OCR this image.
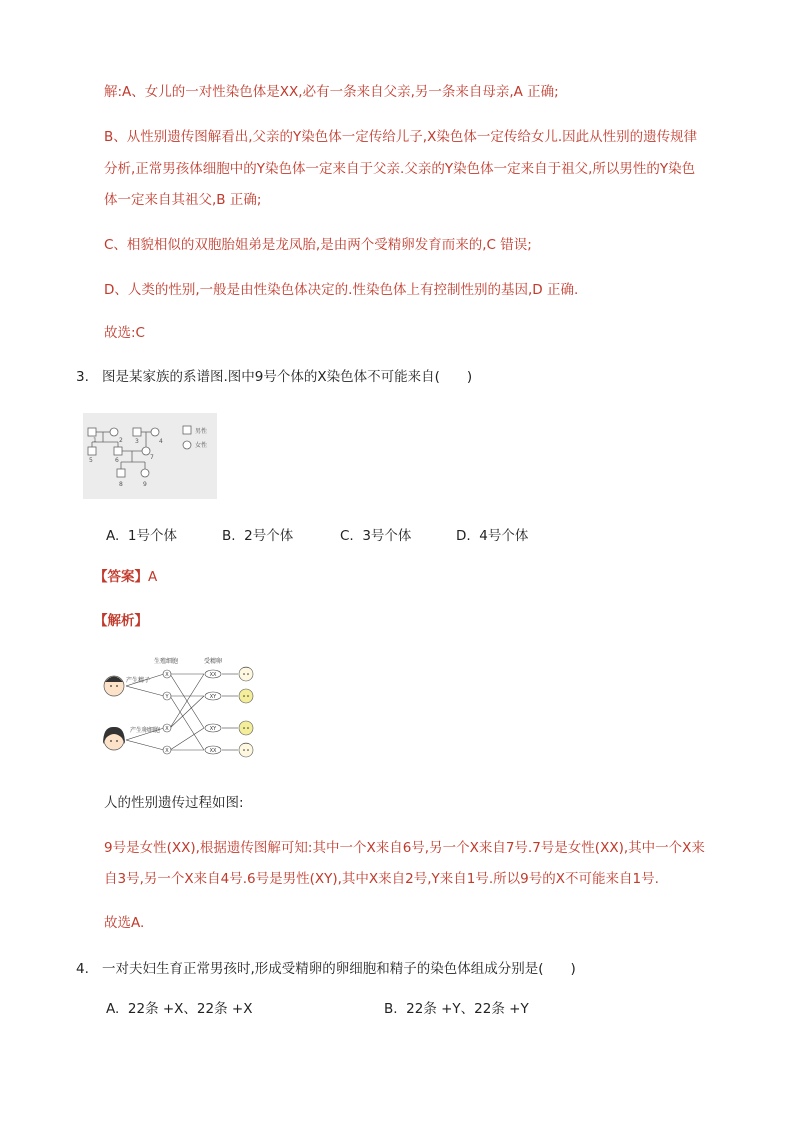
解:A、女儿的一对性染色体是XX,必有一条来自父亲,另一条来自母亲,A 正确;
B、从性别遗传图解看出,父亲的Y染色体一定传给儿子,X染色体一定传给女儿.因此从性别的遗传规律
分析,正常男孩体细胞中的Y染色体一定来自于父亲.父亲的Y染色体一定来自于祖父,所以男性的Y染色
体一定来自其祖父,B 正确;
C、相貌相似的双胞胎姐弟是龙凤胎,是由两个受精卵发育而来的,C 错误;
D、人类的性别,一般是由性染色体决定的.性染色体上有控制性别的基因,D 正确.
故选:C
3. 图是某家族的系谱图.图中9号个体的X染色体不可能来自(　　)
1	2 3	4
5	6	7
8	9
男性
女性
A. 1号个体	B. 2号个体	C. 3号个体	D. 4号个体
【答案】A
【解析】
生殖细胞	受精卵
产生精子
产生卵细胞
X
Y
X
X
XX
XY
XY
XX
人的性别遗传过程如图:
9号是女性(XX),根据遗传图解可知:其中一个X来自6号,另一个X来自7号.7号是女性(XX),其中一个X来
自3号,另一个X来自4号.6号是男性(XY),其中X来自2号,Y来自1号.所以9号的X不可能来自1号.
故选A.
4. 一对夫妇生育正常男孩时,形成受精卵的卵细胞和精子的染色体组成分别是(　　)
A. 22条 +X、22条 +X	B. 22条 +Y、22条 +Y
